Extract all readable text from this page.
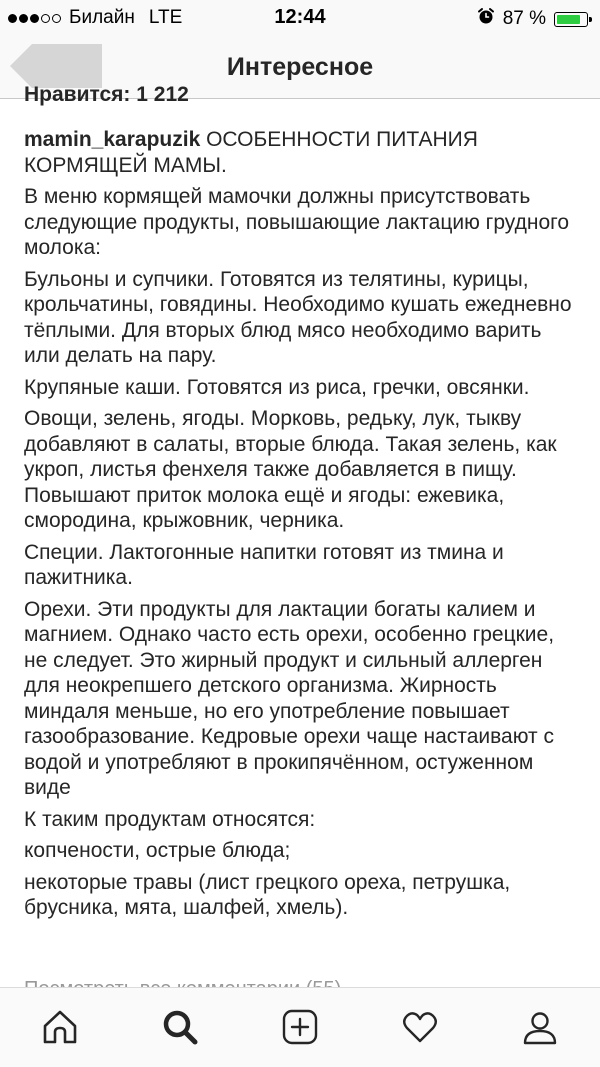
Билайн LTE	12:44	87 %
Интересное
Нравится: 1 212

mamin_karapuzik ОСОБЕННОСТИ ПИТАНИЯ КОРМЯЩЕЙ МАМЫ.

В меню кормящей мамочки должны присутствовать следующие продукты, повышающие лактацию грудного молока:

Бульоны и супчики. Готовятся из телятины, курицы, крольчатины, говядины. Необходимо кушать ежедневно тёплыми. Для вторых блюд мясо необходимо варить или делать на пару.

Крупяные каши. Готовятся из риса, гречки, овсянки.

Овощи, зелень, ягоды. Морковь, редьку, лук, тыкву добавляют в салаты, вторые блюда. Такая зелень, как укроп, листья фенхеля также добавляется в пищу. Повышают приток молока ещё и ягоды: ежевика, смородина, крыжовник, черника.

Специи. Лактогонные напитки готовят из тмина и пажитника.

Орехи. Эти продукты для лактации богаты калием и магнием. Однако часто есть орехи, особенно грецкие, не следует. Это жирный продукт и сильный аллерген для неокрепшего детского организма. Жирность миндаля меньше, но его употребление повышает газообразование. Кедровые орехи чаще настаивают с водой и употребляют в прокипячённом, остуженном виде

К таким продуктам относятся:

копчености, острые блюда;

некоторые травы (лист грецкого ореха, петрушка, брусника, мята, шалфей, хмель).
